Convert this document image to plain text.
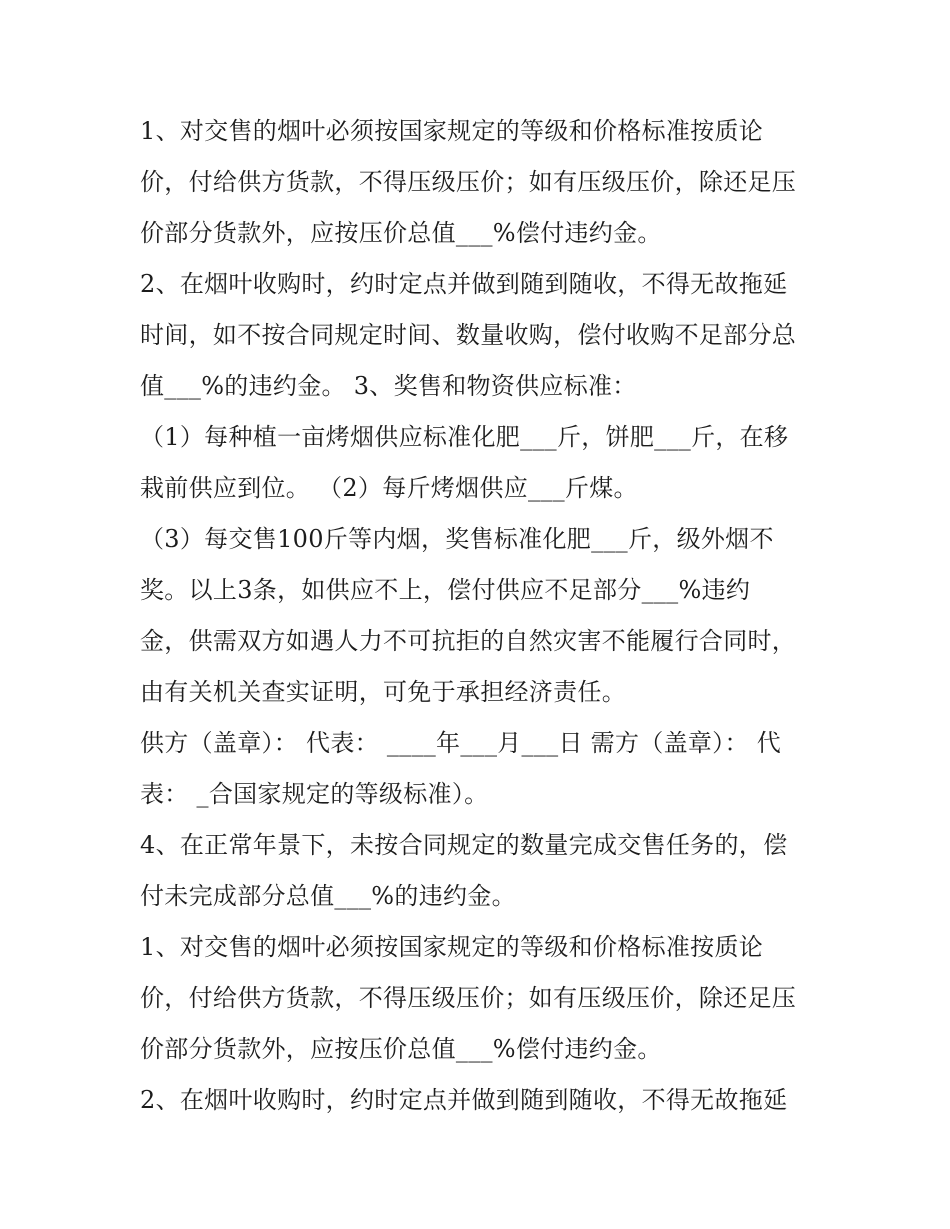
1、对交售的烟叶必须按国家规定的等级和价格标准按质论
价，付给供方货款，不得压级压价；如有压级压价，除还足压
价部分货款外，应按压价总值___%偿付违约金。
2、在烟叶收购时，约时定点并做到随到随收，不得无故拖延
时间，如不按合同规定时间、数量收购，偿付收购不足部分总
值___%的违约金。 3、奖售和物资供应标准：
（1）每种植一亩烤烟供应标准化肥___斤，饼肥___斤，在移
栽前供应到位。 （2）每斤烤烟供应___斤煤。
（3）每交售100斤等内烟，奖售标准化肥___斤，级外烟不
奖。以上3条，如供应不上，偿付供应不足部分___%违约
金，供需双方如遇人力不可抗拒的自然灾害不能履行合同时，
由有关机关查实证明，可免于承担经济责任。
供方（盖章）： 代表： ____年___月___日 需方（盖章）： 代
表： _合国家规定的等级标准）。
4、在正常年景下，未按合同规定的数量完成交售任务的，偿
付未完成部分总值___%的违约金。
1、对交售的烟叶必须按国家规定的等级和价格标准按质论
价，付给供方货款，不得压级压价；如有压级压价，除还足压
价部分货款外，应按压价总值___%偿付违约金。
2、在烟叶收购时，约时定点并做到随到随收，不得无故拖延
